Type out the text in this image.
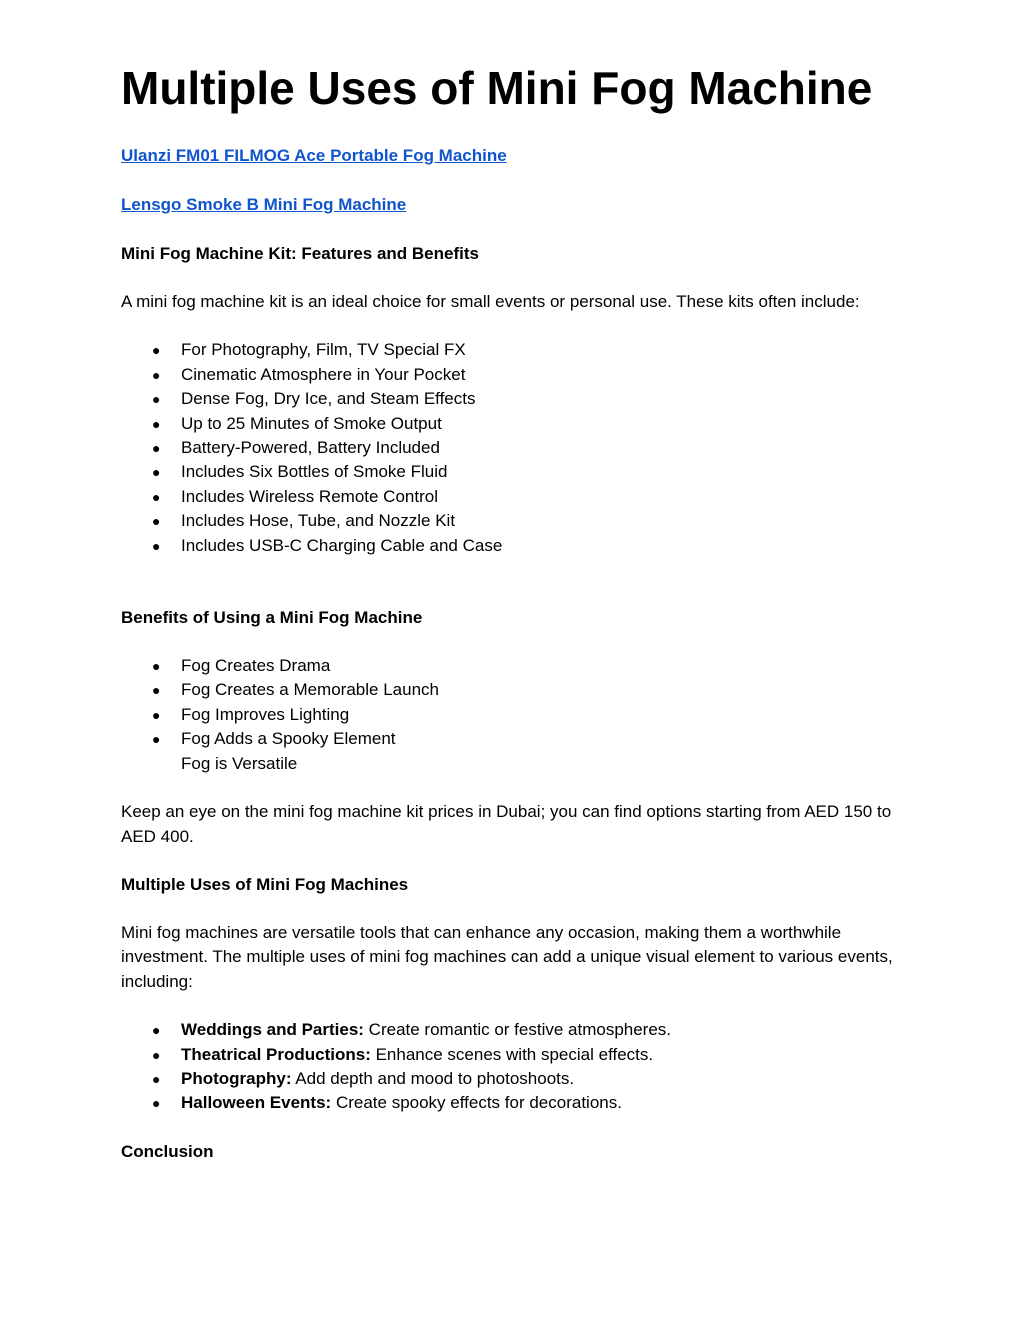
Multiple Uses of Mini Fog Machine
Ulanzi FM01 FILMOG Ace Portable Fog Machine
Lensgo Smoke B Mini Fog Machine
Mini Fog Machine Kit: Features and Benefits
A mini fog machine kit is an ideal choice for small events or personal use. These kits often include:
● For Photography, Film, TV Special FX
● Cinematic Atmosphere in Your Pocket
● Dense Fog, Dry Ice, and Steam Effects
● Up to 25 Minutes of Smoke Output
● Battery-Powered, Battery Included
● Includes Six Bottles of Smoke Fluid
● Includes Wireless Remote Control
● Includes Hose, Tube, and Nozzle Kit
● Includes USB-C Charging Cable and Case
Benefits of Using a Mini Fog Machine
● Fog Creates Drama
● Fog Creates a Memorable Launch
● Fog Improves Lighting
● Fog Adds a Spooky Element
Fog is Versatile
Keep an eye on the mini fog machine kit prices in Dubai; you can find options starting from AED 150 to AED 400.
Multiple Uses of Mini Fog Machines
Mini fog machines are versatile tools that can enhance any occasion, making them a worthwhile investment. The multiple uses of mini fog machines can add a unique visual element to various events, including:
● Weddings and Parties: Create romantic or festive atmospheres.
● Theatrical Productions: Enhance scenes with special effects.
● Photography: Add depth and mood to photoshoots.
● Halloween Events: Create spooky effects for decorations.
Conclusion
